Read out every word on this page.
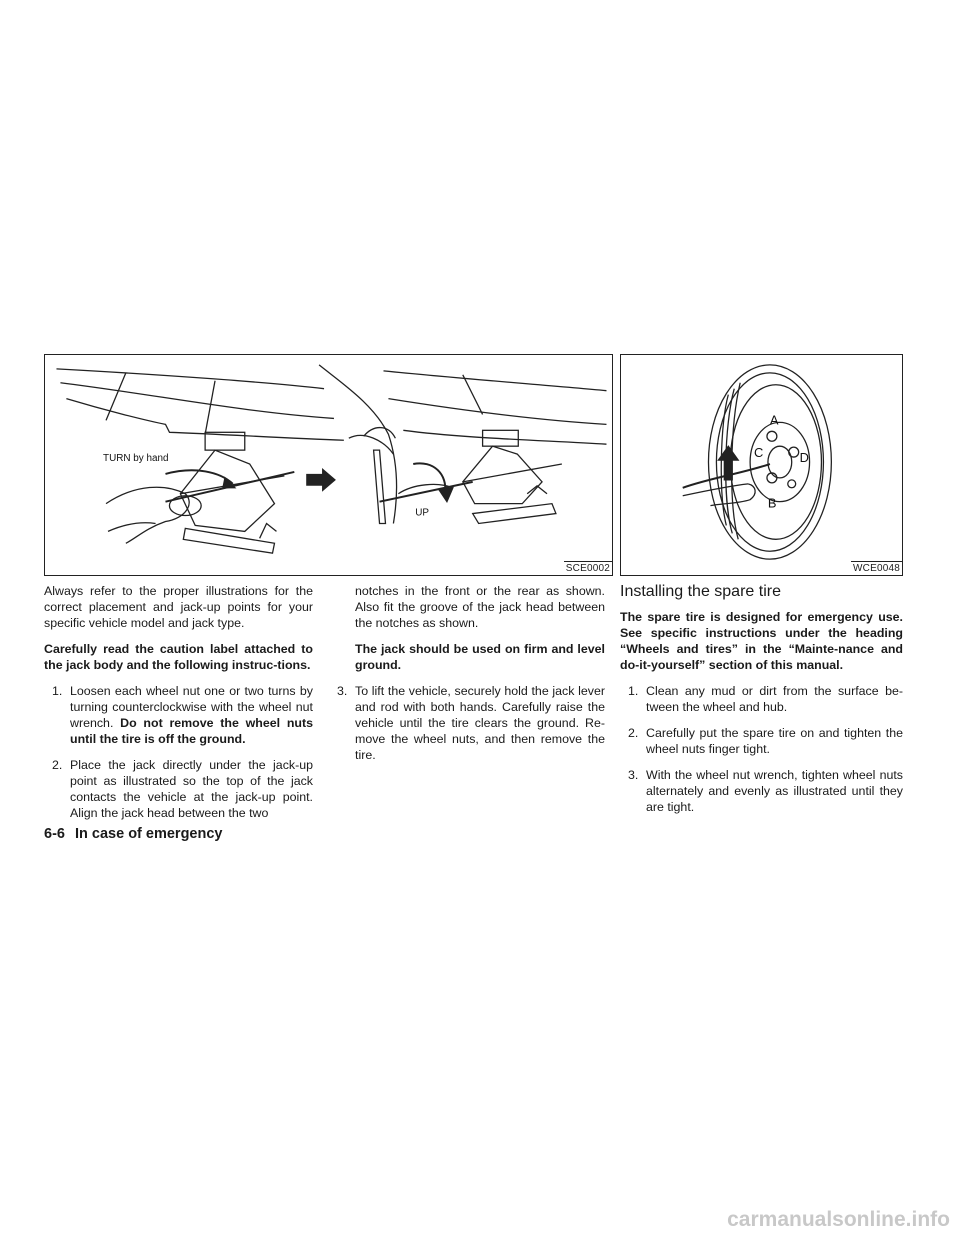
TURN by hand
UP
SCE0002
A
B
C	D
WCE0048

Always refer to the proper illustrations for the correct placement and jack-up points for your specific vehicle model and jack type.

Carefully read the caution label attached to the jack body and the following instruc-tions.

1. Loosen each wheel nut one or two turns by turning counterclockwise with the wheel nut wrench. Do not remove the wheel nuts until the tire is off the ground.
2. Place the jack directly under the jack-up point as illustrated so the top of the jack contacts the vehicle at the jack-up point. Align the jack head between the two

notches in the front or the rear as shown. Also fit the groove of the jack head between the notches as shown.

The jack should be used on firm and level ground.

3. To lift the vehicle, securely hold the jack lever and rod with both hands. Carefully raise the vehicle until the tire clears the ground. Re-move the wheel nuts, and then remove the tire.
Installing the spare tire

The spare tire is designed for emergency use. See specific instructions under the heading “Wheels and tires” in the “Mainte-nance and do-it-yourself” section of this manual.

1. Clean any mud or dirt from the surface be-tween the wheel and hub.
2. Carefully put the spare tire on and tighten the wheel nuts finger tight.
3. With the wheel nut wrench, tighten wheel nuts alternately and evenly as illustrated until they are tight.
6-6 In case of emergency
carmanualsonline.info
